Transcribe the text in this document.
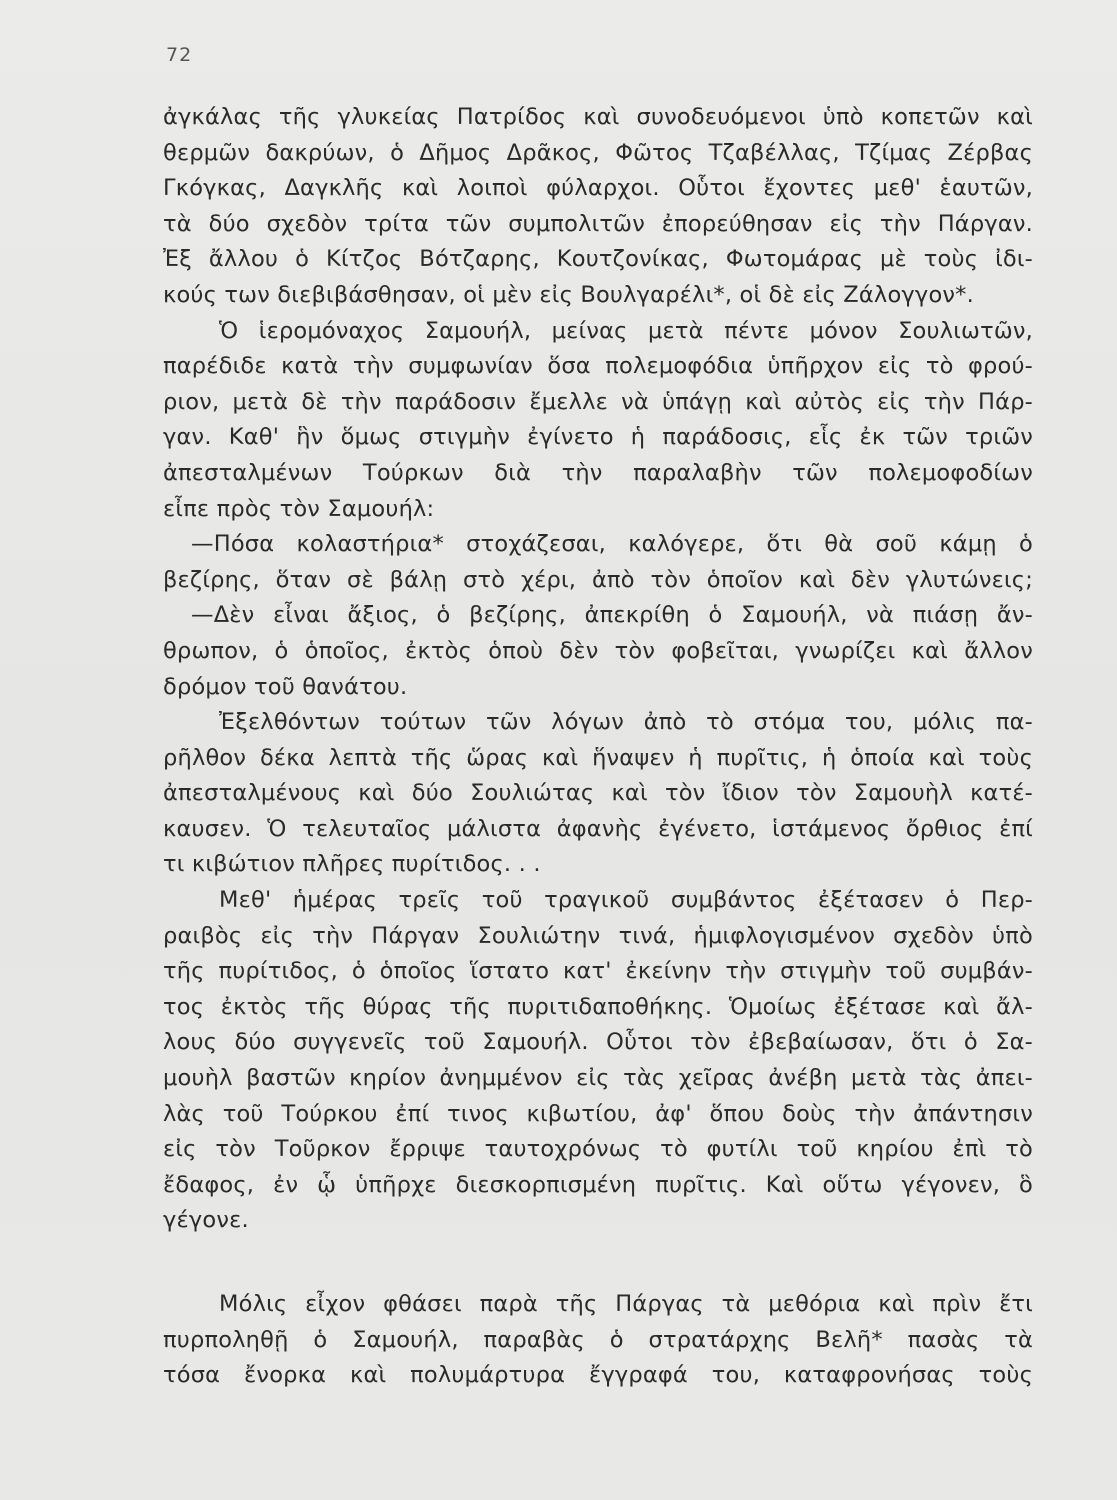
72
ἀγκάλας τῆς γλυκείας Πατρίδος καὶ συνοδευόμενοι ὑπὸ κοπετῶν καὶ
θερμῶν δακρύων, ὁ Δῆμος Δρᾶκος, Φῶτος Τζαβέλλας, Τζίμας Ζέρβας
Γκόγκας, Δαγκλῆς καὶ λοιποὶ φύλαρχοι. Οὗτοι ἔχοντες μεθ' ἑαυτῶν,
τὰ δύο σχεδὸν τρίτα τῶν συμπολιτῶν ἐπορεύθησαν εἰς τὴν Πάργαν.
Ἐξ ἄλλου ὁ Κίτζος Βότζαρης, Κουτζονίκας, Φωτομάρας μὲ τοὺς ἰδι-
κούς των διεβιβάσθησαν, οἱ μὲν εἰς Βουλγαρέλι*, οἱ δὲ εἰς Ζάλογγον*.
Ὁ ἱερομόναχος Σαμουήλ, μείνας μετὰ πέντε μόνον Σουλιωτῶν,
παρέδιδε κατὰ τὴν συμφωνίαν ὅσα πολεμοφόδια ὑπῆρχον εἰς τὸ φρού-
ριον, μετὰ δὲ τὴν παράδοσιν ἔμελλε νὰ ὑπάγῃ καὶ αὐτὸς εἰς τὴν Πάρ-
γαν. Καθ' ἣν ὅμως στιγμὴν ἐγίνετο ἡ παράδοσις, εἷς ἐκ τῶν τριῶν
ἀπεσταλμένων Τούρκων διὰ τὴν παραλαβὴν τῶν πολεμοφοδίων
εἶπε πρὸς τὸν Σαμουήλ:
—Πόσα κολαστήρια* στοχάζεσαι, καλόγερε, ὅτι θὰ σοῦ κάμῃ ὁ
βεζίρης, ὅταν σὲ βάλῃ στὸ χέρι, ἀπὸ τὸν ὁποῖον καὶ δὲν γλυτώνεις;
—Δὲν εἶναι ἄξιος, ὁ βεζίρης, ἀπεκρίθη ὁ Σαμουήλ, νὰ πιάσῃ ἄν-
θρωπον, ὁ ὁποῖος, ἐκτὸς ὁποὺ δὲν τὸν φοβεῖται, γνωρίζει καὶ ἄλλον
δρόμον τοῦ θανάτου.
Ἐξελθόντων τούτων τῶν λόγων ἀπὸ τὸ στόμα του, μόλις πα-
ρῆλθον δέκα λεπτὰ τῆς ὥρας καὶ ἥναψεν ἡ πυρῖτις, ἡ ὁποία καὶ τοὺς
ἀπεσταλμένους καὶ δύο Σουλιώτας καὶ τὸν ἴδιον τὸν Σαμουὴλ κατέ-
καυσεν. Ὁ τελευταῖος μάλιστα ἀφανὴς ἐγένετο, ἱστάμενος ὄρθιος ἐπί
τι κιβώτιον πλῆρες πυρίτιδος. . .
Μεθ' ἡμέρας τρεῖς τοῦ τραγικοῦ συμβάντος ἐξέτασεν ὁ Περ-
ραιβὸς εἰς τὴν Πάργαν Σουλιώτην τινά, ἡμιφλογισμένον σχεδὸν ὑπὸ
τῆς πυρίτιδος, ὁ ὁποῖος ἵστατο κατ' ἐκείνην τὴν στιγμὴν τοῦ συμβάν-
τος ἐκτὸς τῆς θύρας τῆς πυριτιδαποθήκης. Ὁμοίως ἐξέτασε καὶ ἄλ-
λους δύο συγγενεῖς τοῦ Σαμουήλ. Οὗτοι τὸν ἐβεβαίωσαν, ὅτι ὁ Σα-
μουὴλ βαστῶν κηρίον ἀνημμένον εἰς τὰς χεῖρας ἀνέβη μετὰ τὰς ἀπει-
λὰς τοῦ Τούρκου ἐπί τινος κιβωτίου, ἀφ' ὅπου δοὺς τὴν ἀπάντησιν
εἰς τὸν Τοῦρκον ἔρριψε ταυτοχρόνως τὸ φυτίλι τοῦ κηρίου ἐπὶ τὸ
ἔδαφος, ἐν ᾧ ὑπῆρχε διεσκορπισμένη πυρῖτις. Καὶ οὕτω γέγονεν, ὃ
γέγονε.
Μόλις εἶχον φθάσει παρὰ τῆς Πάργας τὰ μεθόρια καὶ πρὶν ἔτι
πυρποληθῇ ὁ Σαμουήλ, παραβὰς ὁ στρατάρχης Βελῆ* πασὰς τὰ
τόσα ἔνορκα καὶ πολυμάρτυρα ἔγγραφά του, καταφρονήσας τοὺς
